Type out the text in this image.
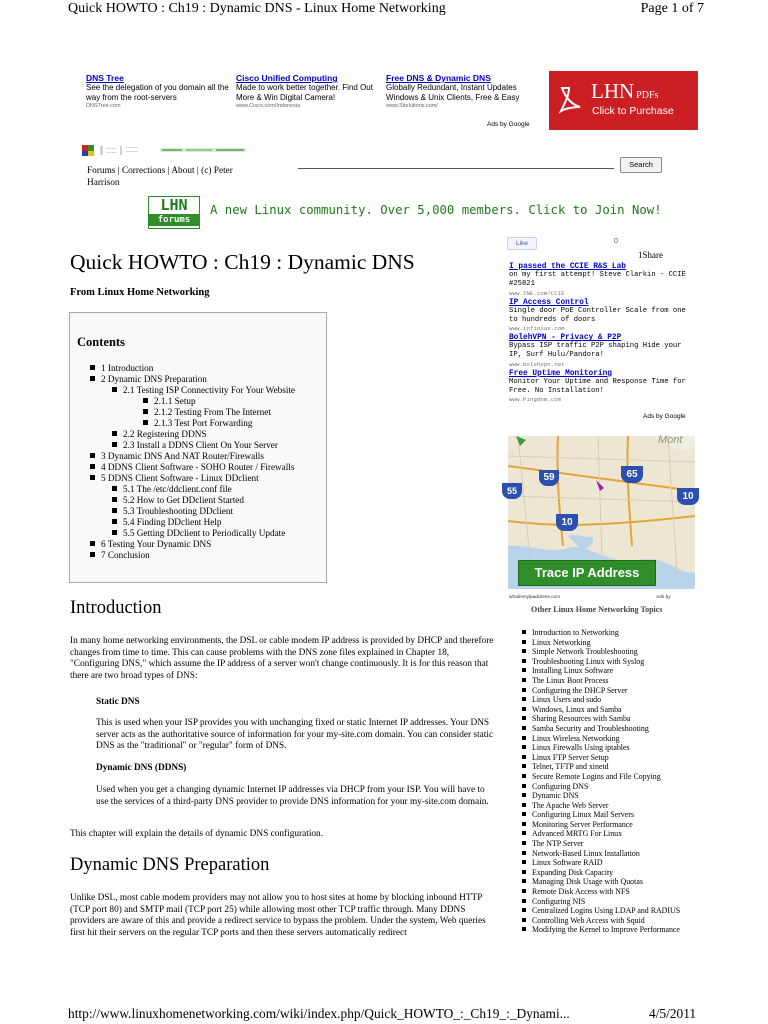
Quick HOWTO : Ch19 : Dynamic DNS - Linux Home Networking	Page 1 of 7
DNS Tree
See the delegation of you domain all the way from the root-servers
DNSTree.com
Cisco Unified Computing
Made to work better together. Find Out More & Win Digital Camera!
www.Cisco.com/Indonesia
Free DNS & Dynamic DNS
Globally Redundant, Instant Updates Windows & Unix Clients, Free & Easy
www.Sitelutions.com/
Ads by Google
LHN PDFs
Click to Purchase
Forums | Corrections | About | (c) Peter Harrison
Search
LHN
forums
A new Linux community. Over 5,000 members. Click to Join Now!
Like	0
1Share
Quick HOWTO : Ch19 : Dynamic DNS
From Linux Home Networking
Contents
1 Introduction
2 Dynamic DNS Preparation
2.1 Testing ISP Connectivity For Your Website
2.1.1 Setup
2.1.2 Testing From The Internet
2.1.3 Test Port Forwarding
2.2 Registering DDNS
2.3 Install a DDNS Client On Your Server
3 Dynamic DNS And NAT Router/Firewalls
4 DDNS Client Software - SOHO Router / Firewalls
5 DDNS Client Software - Linux DDclient
5.1 The /etc/ddclient.conf file
5.2 How to Get DDclient Started
5.3 Troubleshooting DDclient
5.4 Finding DDclient Help
5.5 Getting DDclient to Periodically Update
6 Testing Your Dynamic DNS
7 Conclusion
Introduction
In many home networking environments, the DSL or cable modem IP address is provided by DHCP and therefore changes from time to time. This can cause problems with the DNS zone files explained in Chapter 18, "Configuring DNS," which assume the IP address of a server won't change continuously. It is for this reason that there are two broad types of DNS:
Static DNS
This is used when your ISP provides you with unchanging fixed or static Internet IP addresses. Your DNS server acts as the authoritative source of information for your my-site.com domain. You can consider static DNS as the "traditional" or "regular" form of DNS.
Dynamic DNS (DDNS)
Used when you get a changing dynamic Internet IP addresses via DHCP from your ISP. You will have to use the services of a third-party DNS provider to provide DNS information for your my-site.com domain.
This chapter will explain the details of dynamic DNS configuration.
Dynamic DNS Preparation
Unlike DSL, most cable modem providers may not allow you to host sites at home by blocking inbound HTTP (TCP port 80) and SMTP mail (TCP port 25) while allowing most other TCP traffic through. Many DDNS providers are aware of this and provide a redirect service to bypass the problem. Under the system, Web queries first hit their servers on the regular TCP ports and then these servers automatically redirect
I passed the CCIE R&S Lab
on my first attempt! Steve Clarkin - CCIE #25821
www.INE.com/CCIE
IP Access Control
Single door PoE Controller Scale from one to hundreds of doors
www.infinias.com
BolehVPN - Privacy & P2P
Bypass ISP traffic P2P shaping Hide your IP, Surf Hulu/Pandora!
www.bolehvpn.net
Free Uptime Monitoring
Monitor Your Uptime and Response Time for Free. No Installation!
www.Pingdom.com
Ads by Google
59	65
55
10
10
Mont
Trace IP Address
whatismyipaddress.com	Ads by
Other Linux Home Networking Topics
Introduction to Networking
Linux Networking
Simple Network Troubleshooting
Troubleshooting Linux with Syslog
Installing Linux Software
The Linux Boot Process
Configuring the DHCP Server
Linux Users and sudo
Windows, Linux and Samba
Sharing Resources with Samba
Samba Security and Troubleshooting
Linux Wireless Networking
Linux Firewalls Using iptables
Linux FTP Server Setup
Telnet, TFTP and xinetd
Secure Remote Logins and File Copying
Configuring DNS
Dynamic DNS
The Apache Web Server
Configuring Linux Mail Servers
Monitoring Server Performance
Advanced MRTG For Linux
The NTP Server
Network-Based Linux Installation
Linux Software RAID
Expanding Disk Capacity
Managing Disk Usage with Quotas
Remote Disk Access with NFS
Configuring NIS
Centralized Logins Using LDAP and RADIUS
Controlling Web Access with Squid
Modifying the Kernel to Improve Performance
http://www.linuxhomenetworking.com/wiki/index.php/Quick_HOWTO_:_Ch19_:_Dynami...	4/5/2011
